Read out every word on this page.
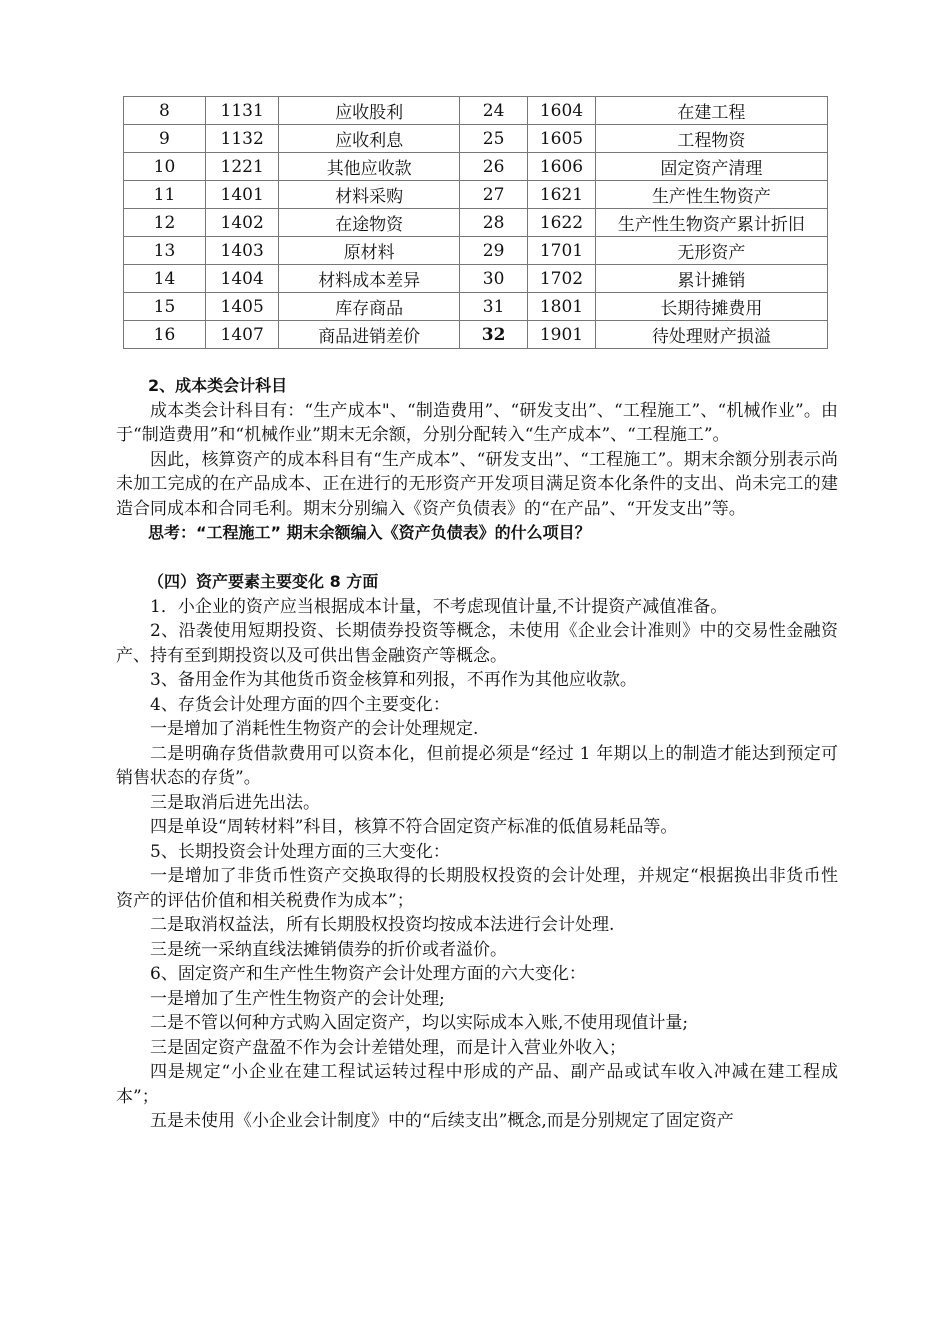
8	1131	应收股利	24	1604	在建工程
9	1132	应收利息	25	1605	工程物资
10	1221	其他应收款	26	1606	固定资产清理
11	1401	材料采购	27	1621	生产性生物资产
12	1402	在途物资	28	1622	生产性生物资产累计折旧
13	1403	原材料	29	1701	无形资产
14	1404	材料成本差异	30	1702	累计摊销
15	1405	库存商品	31	1801	长期待摊费用
16	1407	商品进销差价	32	1901	待处理财产损溢

2、成本类会计科目

成本类会计科目有：“生产成本"、“制造费用”、“研发支出”、“工程施工”、“机械作业”。由于“制造费用”和“机械作业”期末无余额，分别分配转入“生产成本”、“工程施工”。

因此，核算资产的成本科目有“生产成本”、“研发支出”、“工程施工”。期末余额分别表示尚未加工完成的在产品成本、正在进行的无形资产开发项目满足资本化条件的支出、尚未完工的建造合同成本和合同毛利。期末分别编入《资产负债表》的“在产品”、“开发支出”等。

思考：“工程施工” 期末余额编入《资产负债表》的什么项目？

（四）资产要素主要变化 8 方面

1．小企业的资产应当根据成本计量，不考虑现值计量,不计提资产减值准备。

2、沿袭使用短期投资、长期债券投资等概念，未使用《企业会计准则》中的交易性金融资产、持有至到期投资以及可供出售金融资产等概念。

3、备用金作为其他货币资金核算和列报，不再作为其他应收款。

4、存货会计处理方面的四个主要变化：

一是增加了消耗性生物资产的会计处理规定.

二是明确存货借款费用可以资本化，但前提必须是“经过 1 年期以上的制造才能达到预定可销售状态的存货”。

三是取消后进先出法。

四是单设“周转材料”科目，核算不符合固定资产标准的低值易耗品等。

5、长期投资会计处理方面的三大变化：

一是增加了非货币性资产交换取得的长期股权投资的会计处理，并规定“根据换出非货币性资产的评估价值和相关税费作为成本”；

二是取消权益法，所有长期股权投资均按成本法进行会计处理.

三是统一采纳直线法摊销债券的折价或者溢价。

6、固定资产和生产性生物资产会计处理方面的六大变化：

一是增加了生产性生物资产的会计处理;

二是不管以何种方式购入固定资产，均以实际成本入账,不使用现值计量;

三是固定资产盘盈不作为会计差错处理，而是计入营业外收入；

四是规定“小企业在建工程试运转过程中形成的产品、副产品或试车收入冲减在建工程成本”；

五是未使用《小企业会计制度》中的“后续支出”概念,而是分别规定了固定资产
